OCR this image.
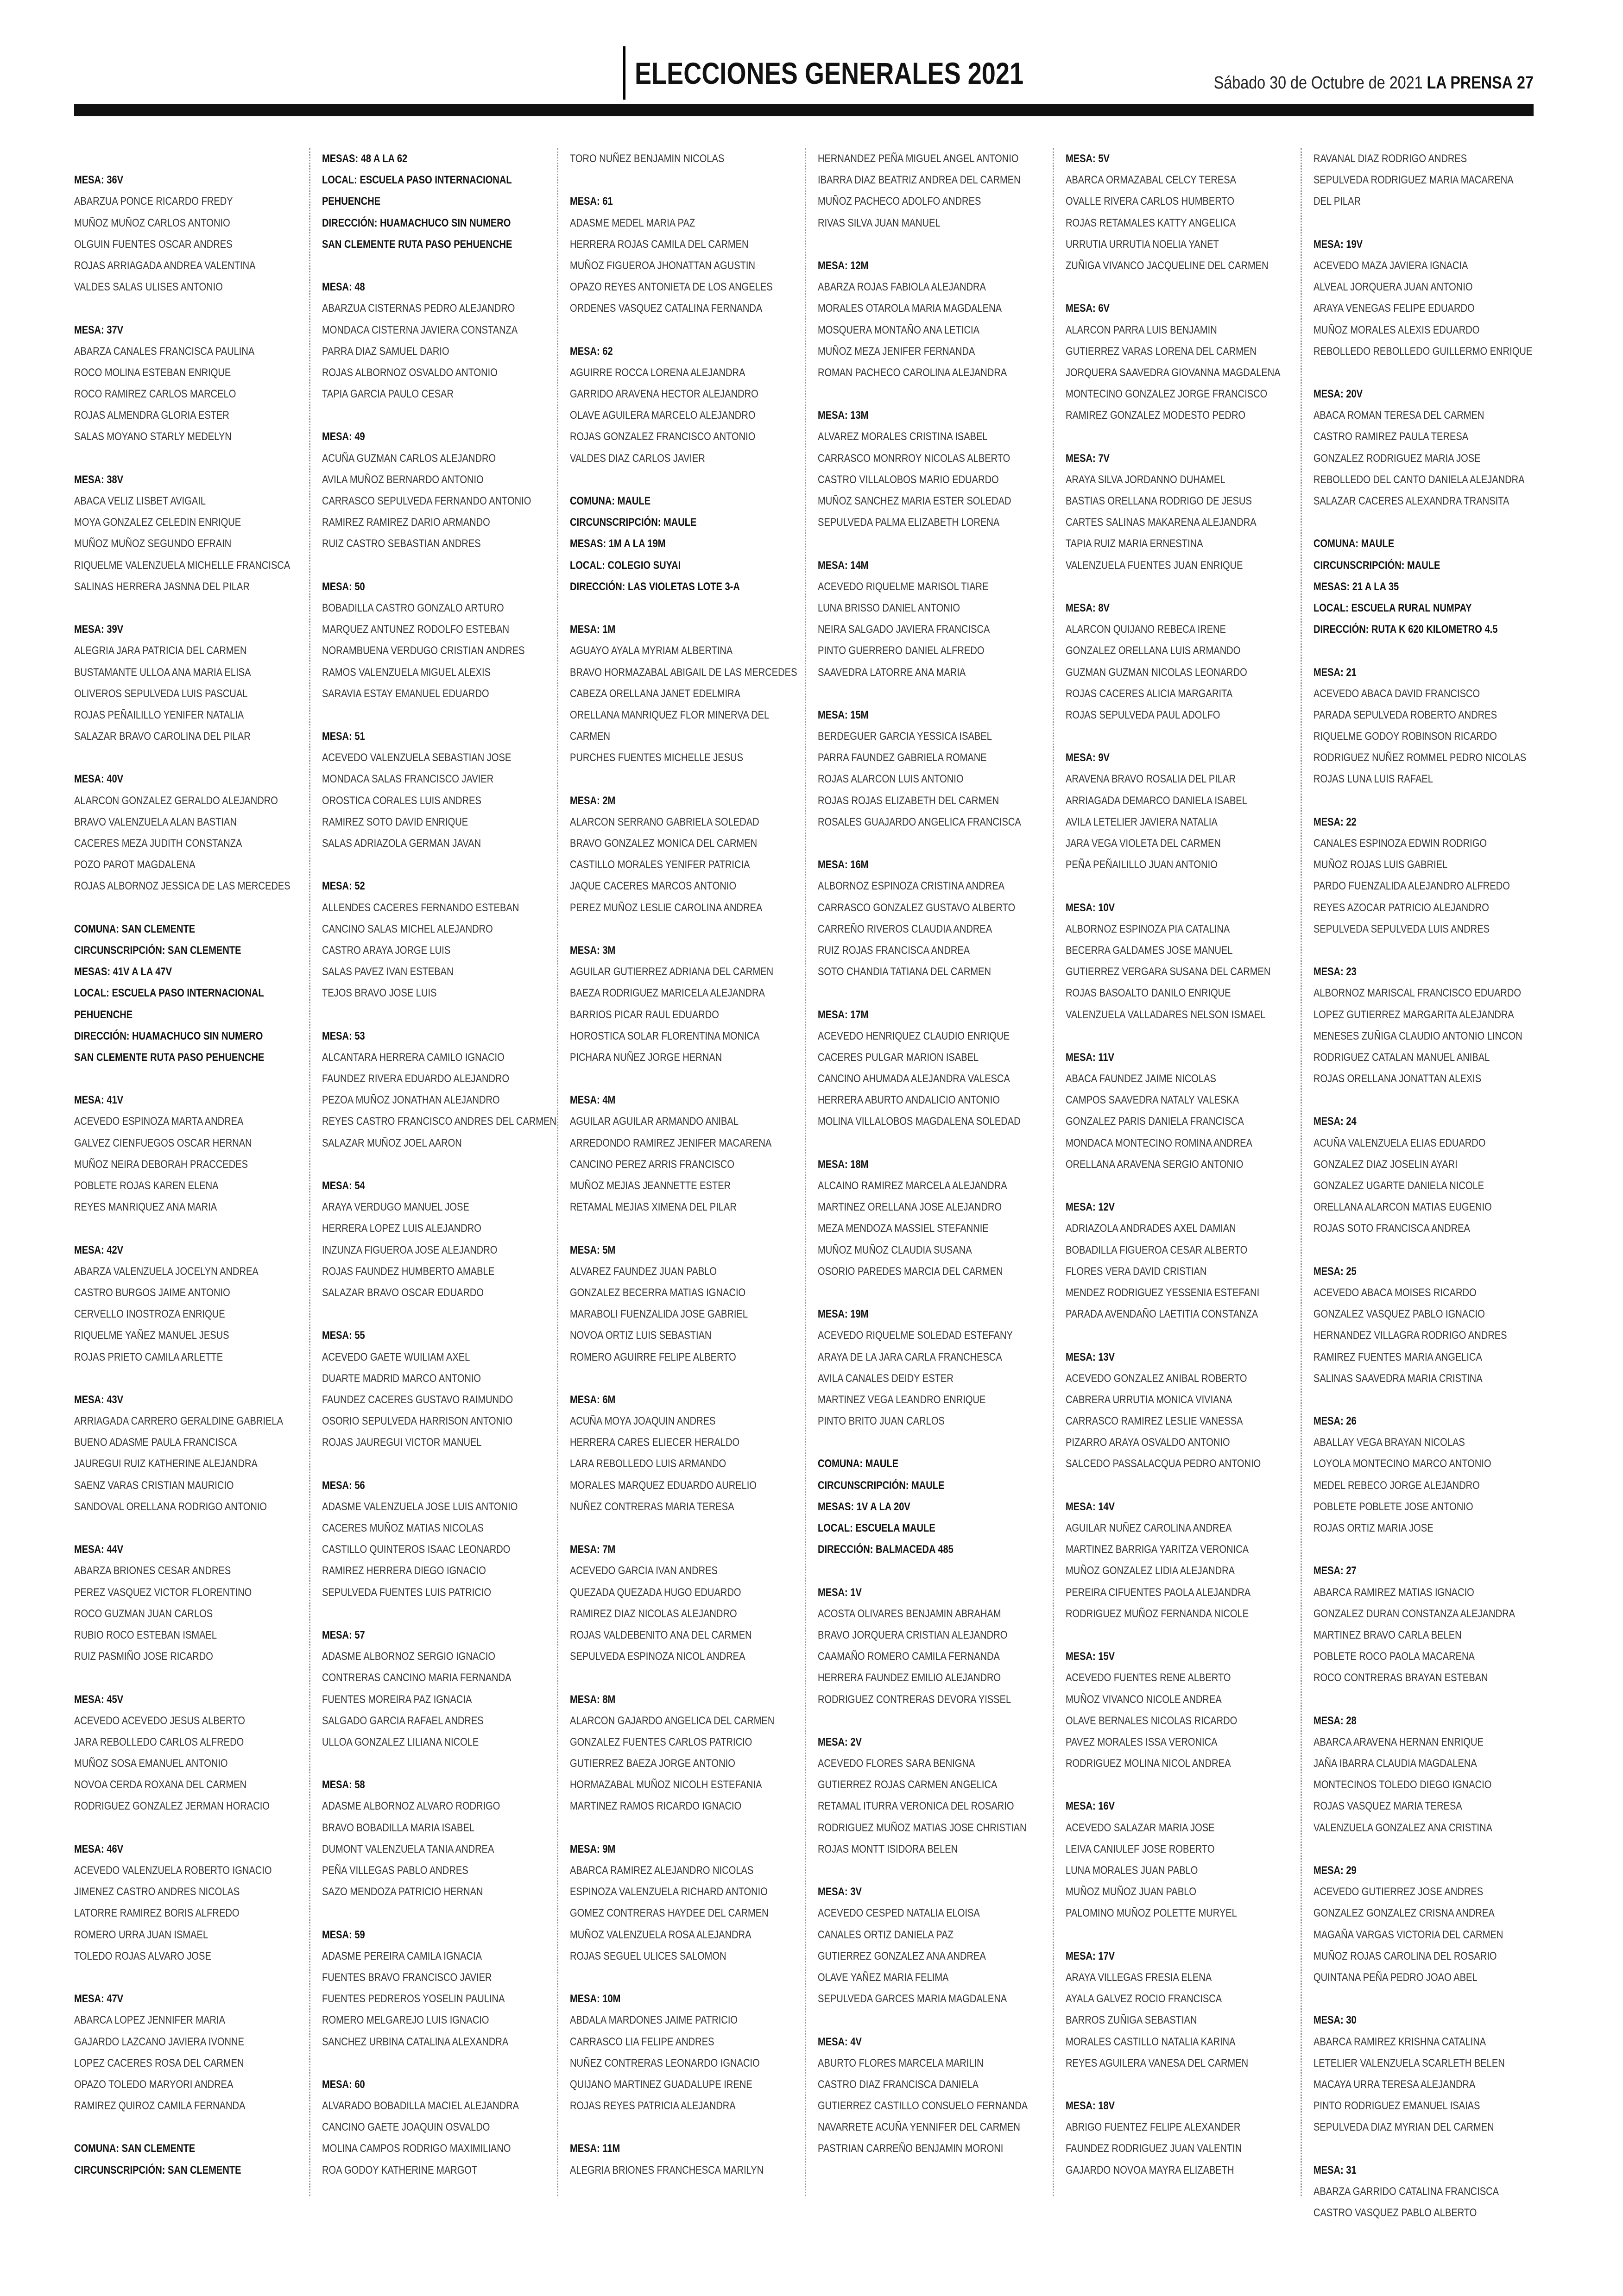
ELECCIONES GENERALES 2021	Sábado 30 de Octubre de 2021 LA PRENSA 27
MESA: 36V
ABARZUA PONCE RICARDO FREDY
MUÑOZ MUÑOZ CARLOS ANTONIO
OLGUIN FUENTES OSCAR ANDRES
ROJAS ARRIAGADA ANDREA VALENTINA
VALDES SALAS ULISES ANTONIO
MESA: 37V
ABARZA CANALES FRANCISCA PAULINA
ROCO MOLINA ESTEBAN ENRIQUE
ROCO RAMIREZ CARLOS MARCELO
ROJAS ALMENDRA GLORIA ESTER
SALAS MOYANO STARLY MEDELYN
MESA: 38V
ABACA VELIZ LISBET AVIGAIL
MOYA GONZALEZ CELEDIN ENRIQUE
MUÑOZ MUÑOZ SEGUNDO EFRAIN
RIQUELME VALENZUELA MICHELLE FRANCISCA
SALINAS HERRERA JASNNA DEL PILAR
MESA: 39V
ALEGRIA JARA PATRICIA DEL CARMEN
BUSTAMANTE ULLOA ANA MARIA ELISA
OLIVEROS SEPULVEDA LUIS PASCUAL
ROJAS PEÑAILILLO YENIFER NATALIA
SALAZAR BRAVO CAROLINA DEL PILAR
MESA: 40V
ALARCON GONZALEZ GERALDO ALEJANDRO
BRAVO VALENZUELA ALAN BASTIAN
CACERES MEZA JUDITH CONSTANZA
POZO PAROT MAGDALENA
ROJAS ALBORNOZ JESSICA DE LAS MERCEDES
COMUNA: SAN CLEMENTE
CIRCUNSCRIPCIÓN: SAN CLEMENTE
MESAS: 41V A LA 47V
LOCAL: ESCUELA PASO INTERNACIONAL
PEHUENCHE
DIRECCIÓN: HUAMACHUCO SIN NUMERO
SAN CLEMENTE RUTA PASO PEHUENCHE
MESA: 41V
ACEVEDO ESPINOZA MARTA ANDREA
GALVEZ CIENFUEGOS OSCAR HERNAN
MUÑOZ NEIRA DEBORAH PRACCEDES
POBLETE ROJAS KAREN ELENA
REYES MANRIQUEZ ANA MARIA
MESA: 42V
ABARZA VALENZUELA JOCELYN ANDREA
CASTRO BURGOS JAIME ANTONIO
CERVELLO INOSTROZA ENRIQUE
RIQUELME YAÑEZ MANUEL JESUS
ROJAS PRIETO CAMILA ARLETTE
MESA: 43V
ARRIAGADA CARRERO GERALDINE GABRIELA
BUENO ADASME PAULA FRANCISCA
JAUREGUI RUIZ KATHERINE ALEJANDRA
SAENZ VARAS CRISTIAN MAURICIO
SANDOVAL ORELLANA RODRIGO ANTONIO
MESA: 44V
ABARZA BRIONES CESAR ANDRES
PEREZ VASQUEZ VICTOR FLORENTINO
ROCO GUZMAN JUAN CARLOS
RUBIO ROCO ESTEBAN ISMAEL
RUIZ PASMIÑO JOSE RICARDO
MESA: 45V
ACEVEDO ACEVEDO JESUS ALBERTO
JARA REBOLLEDO CARLOS ALFREDO
MUÑOZ SOSA EMANUEL ANTONIO
NOVOA CERDA ROXANA DEL CARMEN
RODRIGUEZ GONZALEZ JERMAN HORACIO
MESA: 46V
ACEVEDO VALENZUELA ROBERTO IGNACIO
JIMENEZ CASTRO ANDRES NICOLAS
LATORRE RAMIREZ BORIS ALFREDO
ROMERO URRA JUAN ISMAEL
TOLEDO ROJAS ALVARO JOSE
MESA: 47V
ABARCA LOPEZ JENNIFER MARIA
GAJARDO LAZCANO JAVIERA IVONNE
LOPEZ CACERES ROSA DEL CARMEN
OPAZO TOLEDO MARYORI ANDREA
RAMIREZ QUIROZ CAMILA FERNANDA
COMUNA: SAN CLEMENTE
CIRCUNSCRIPCIÓN: SAN CLEMENTE
MESAS: 48 A LA 62
LOCAL: ESCUELA PASO INTERNACIONAL
PEHUENCHE
DIRECCIÓN: HUAMACHUCO SIN NUMERO
SAN CLEMENTE RUTA PASO PEHUENCHE
MESA: 48
ABARZUA CISTERNAS PEDRO ALEJANDRO
MONDACA CISTERNA JAVIERA CONSTANZA
PARRA DIAZ SAMUEL DARIO
ROJAS ALBORNOZ OSVALDO ANTONIO
TAPIA GARCIA PAULO CESAR
MESA: 49
ACUÑA GUZMAN CARLOS ALEJANDRO
AVILA MUÑOZ BERNARDO ANTONIO
CARRASCO SEPULVEDA FERNANDO ANTONIO
RAMIREZ RAMIREZ DARIO ARMANDO
RUIZ CASTRO SEBASTIAN ANDRES
MESA: 50
BOBADILLA CASTRO GONZALO ARTURO
MARQUEZ ANTUNEZ RODOLFO ESTEBAN
NORAMBUENA VERDUGO CRISTIAN ANDRES
RAMOS VALENZUELA MIGUEL ALEXIS
SARAVIA ESTAY EMANUEL EDUARDO
MESA: 51
ACEVEDO VALENZUELA SEBASTIAN JOSE
MONDACA SALAS FRANCISCO JAVIER
OROSTICA CORALES LUIS ANDRES
RAMIREZ SOTO DAVID ENRIQUE
SALAS ADRIAZOLA GERMAN JAVAN
MESA: 52
ALLENDES CACERES FERNANDO ESTEBAN
CANCINO SALAS MICHEL ALEJANDRO
CASTRO ARAYA JORGE LUIS
SALAS PAVEZ IVAN ESTEBAN
TEJOS BRAVO JOSE LUIS
MESA: 53
ALCANTARA HERRERA CAMILO IGNACIO
FAUNDEZ RIVERA EDUARDO ALEJANDRO
PEZOA MUÑOZ JONATHAN ALEJANDRO
REYES CASTRO FRANCISCO ANDRES DEL CARMEN
SALAZAR MUÑOZ JOEL AARON
MESA: 54
ARAYA VERDUGO MANUEL JOSE
HERRERA LOPEZ LUIS ALEJANDRO
INZUNZA FIGUEROA JOSE ALEJANDRO
ROJAS FAUNDEZ HUMBERTO AMABLE
SALAZAR BRAVO OSCAR EDUARDO
MESA: 55
ACEVEDO GAETE WUILIAM AXEL
DUARTE MADRID MARCO ANTONIO
FAUNDEZ CACERES GUSTAVO RAIMUNDO
OSORIO SEPULVEDA HARRISON ANTONIO
ROJAS JAUREGUI VICTOR MANUEL
MESA: 56
ADASME VALENZUELA JOSE LUIS ANTONIO
CACERES MUÑOZ MATIAS NICOLAS
CASTILLO QUINTEROS ISAAC LEONARDO
RAMIREZ HERRERA DIEGO IGNACIO
SEPULVEDA FUENTES LUIS PATRICIO
MESA: 57
ADASME ALBORNOZ SERGIO IGNACIO
CONTRERAS CANCINO MARIA FERNANDA
FUENTES MOREIRA PAZ IGNACIA
SALGADO GARCIA RAFAEL ANDRES
ULLOA GONZALEZ LILIANA NICOLE
MESA: 58
ADASME ALBORNOZ ALVARO RODRIGO
BRAVO BOBADILLA MARIA ISABEL
DUMONT VALENZUELA TANIA ANDREA
PEÑA VILLEGAS PABLO ANDRES
SAZO MENDOZA PATRICIO HERNAN
MESA: 59
ADASME PEREIRA CAMILA IGNACIA
FUENTES BRAVO FRANCISCO JAVIER
FUENTES PEDREROS YOSELIN PAULINA
ROMERO MELGAREJO LUIS IGNACIO
SANCHEZ URBINA CATALINA ALEXANDRA
MESA: 60
ALVARADO BOBADILLA MACIEL ALEJANDRA
CANCINO GAETE JOAQUIN OSVALDO
MOLINA CAMPOS RODRIGO MAXIMILIANO
ROA GODOY KATHERINE MARGOT
TORO NUÑEZ BENJAMIN NICOLAS
MESA: 61
ADASME MEDEL MARIA PAZ
HERRERA ROJAS CAMILA DEL CARMEN
MUÑOZ FIGUEROA JHONATTAN AGUSTIN
OPAZO REYES ANTONIETA DE LOS ANGELES
ORDENES VASQUEZ CATALINA FERNANDA
MESA: 62
AGUIRRE ROCCA LORENA ALEJANDRA
GARRIDO ARAVENA HECTOR ALEJANDRO
OLAVE AGUILERA MARCELO ALEJANDRO
ROJAS GONZALEZ FRANCISCO ANTONIO
VALDES DIAZ CARLOS JAVIER
COMUNA: MAULE
CIRCUNSCRIPCIÓN: MAULE
MESAS: 1M A LA 19M
LOCAL: COLEGIO SUYAI
DIRECCIÓN: LAS VIOLETAS LOTE 3-A
MESA: 1M
AGUAYO AYALA MYRIAM ALBERTINA
BRAVO HORMAZABAL ABIGAIL DE LAS MERCEDES
CABEZA ORELLANA JANET EDELMIRA
ORELLANA MANRIQUEZ FLOR MINERVA DEL
CARMEN
PURCHES FUENTES MICHELLE JESUS
MESA: 2M
ALARCON SERRANO GABRIELA SOLEDAD
BRAVO GONZALEZ MONICA DEL CARMEN
CASTILLO MORALES YENIFER PATRICIA
JAQUE CACERES MARCOS ANTONIO
PEREZ MUÑOZ LESLIE CAROLINA ANDREA
MESA: 3M
AGUILAR GUTIERREZ ADRIANA DEL CARMEN
BAEZA RODRIGUEZ MARICELA ALEJANDRA
BARRIOS PICAR RAUL EDUARDO
HOROSTICA SOLAR FLORENTINA MONICA
PICHARA NUÑEZ JORGE HERNAN
MESA: 4M
AGUILAR AGUILAR ARMANDO ANIBAL
ARREDONDO RAMIREZ JENIFER MACARENA
CANCINO PEREZ ARRIS FRANCISCO
MUÑOZ MEJIAS JEANNETTE ESTER
RETAMAL MEJIAS XIMENA DEL PILAR
MESA: 5M
ALVAREZ FAUNDEZ JUAN PABLO
GONZALEZ BECERRA MATIAS IGNACIO
MARABOLI FUENZALIDA JOSE GABRIEL
NOVOA ORTIZ LUIS SEBASTIAN
ROMERO AGUIRRE FELIPE ALBERTO
MESA: 6M
ACUÑA MOYA JOAQUIN ANDRES
HERRERA CARES ELIECER HERALDO
LARA REBOLLEDO LUIS ARMANDO
MORALES MARQUEZ EDUARDO AURELIO
NUÑEZ CONTRERAS MARIA TERESA
MESA: 7M
ACEVEDO GARCIA IVAN ANDRES
QUEZADA QUEZADA HUGO EDUARDO
RAMIREZ DIAZ NICOLAS ALEJANDRO
ROJAS VALDEBENITO ANA DEL CARMEN
SEPULVEDA ESPINOZA NICOL ANDREA
MESA: 8M
ALARCON GAJARDO ANGELICA DEL CARMEN
GONZALEZ FUENTES CARLOS PATRICIO
GUTIERREZ BAEZA JORGE ANTONIO
HORMAZABAL MUÑOZ NICOLH ESTEFANIA
MARTINEZ RAMOS RICARDO IGNACIO
MESA: 9M
ABARCA RAMIREZ ALEJANDRO NICOLAS
ESPINOZA VALENZUELA RICHARD ANTONIO
GOMEZ CONTRERAS HAYDEE DEL CARMEN
MUÑOZ VALENZUELA ROSA ALEJANDRA
ROJAS SEGUEL ULICES SALOMON
MESA: 10M
ABDALA MARDONES JAIME PATRICIO
CARRASCO LIA FELIPE ANDRES
NUÑEZ CONTRERAS LEONARDO IGNACIO
QUIJANO MARTINEZ GUADALUPE IRENE
ROJAS REYES PATRICIA ALEJANDRA
MESA: 11M
ALEGRIA BRIONES FRANCHESCA MARILYN
HERNANDEZ PEÑA MIGUEL ANGEL ANTONIO
IBARRA DIAZ BEATRIZ ANDREA DEL CARMEN
MUÑOZ PACHECO ADOLFO ANDRES
RIVAS SILVA JUAN MANUEL
MESA: 12M
ABARZA ROJAS FABIOLA ALEJANDRA
MORALES OTAROLA MARIA MAGDALENA
MOSQUERA MONTAÑO ANA LETICIA
MUÑOZ MEZA JENIFER FERNANDA
ROMAN PACHECO CAROLINA ALEJANDRA
MESA: 13M
ALVAREZ MORALES CRISTINA ISABEL
CARRASCO MONRROY NICOLAS ALBERTO
CASTRO VILLALOBOS MARIO EDUARDO
MUÑOZ SANCHEZ MARIA ESTER SOLEDAD
SEPULVEDA PALMA ELIZABETH LORENA
MESA: 14M
ACEVEDO RIQUELME MARISOL TIARE
LUNA BRISSO DANIEL ANTONIO
NEIRA SALGADO JAVIERA FRANCISCA
PINTO GUERRERO DANIEL ALFREDO
SAAVEDRA LATORRE ANA MARIA
MESA: 15M
BERDEGUER GARCIA YESSICA ISABEL
PARRA FAUNDEZ GABRIELA ROMANE
ROJAS ALARCON LUIS ANTONIO
ROJAS ROJAS ELIZABETH DEL CARMEN
ROSALES GUAJARDO ANGELICA FRANCISCA
MESA: 16M
ALBORNOZ ESPINOZA CRISTINA ANDREA
CARRASCO GONZALEZ GUSTAVO ALBERTO
CARREÑO RIVEROS CLAUDIA ANDREA
RUIZ ROJAS FRANCISCA ANDREA
SOTO CHANDIA TATIANA DEL CARMEN
MESA: 17M
ACEVEDO HENRIQUEZ CLAUDIO ENRIQUE
CACERES PULGAR MARION ISABEL
CANCINO AHUMADA ALEJANDRA VALESCA
HERRERA ABURTO ANDALICIO ANTONIO
MOLINA VILLALOBOS MAGDALENA SOLEDAD
MESA: 18M
ALCAINO RAMIREZ MARCELA ALEJANDRA
MARTINEZ ORELLANA JOSE ALEJANDRO
MEZA MENDOZA MASSIEL STEFANNIE
MUÑOZ MUÑOZ CLAUDIA SUSANA
OSORIO PAREDES MARCIA DEL CARMEN
MESA: 19M
ACEVEDO RIQUELME SOLEDAD ESTEFANY
ARAYA DE LA JARA CARLA FRANCHESCA
AVILA CANALES DEIDY ESTER
MARTINEZ VEGA LEANDRO ENRIQUE
PINTO BRITO JUAN CARLOS
COMUNA: MAULE
CIRCUNSCRIPCIÓN: MAULE
MESAS: 1V A LA 20V
LOCAL: ESCUELA MAULE
DIRECCIÓN: BALMACEDA 485
MESA: 1V
ACOSTA OLIVARES BENJAMIN ABRAHAM
BRAVO JORQUERA CRISTIAN ALEJANDRO
CAAMAÑO ROMERO CAMILA FERNANDA
HERRERA FAUNDEZ EMILIO ALEJANDRO
RODRIGUEZ CONTRERAS DEVORA YISSEL
MESA: 2V
ACEVEDO FLORES SARA BENIGNA
GUTIERREZ ROJAS CARMEN ANGELICA
RETAMAL ITURRA VERONICA DEL ROSARIO
RODRIGUEZ MUÑOZ MATIAS JOSE CHRISTIAN
ROJAS MONTT ISIDORA BELEN
MESA: 3V
ACEVEDO CESPED NATALIA ELOISA
CANALES ORTIZ DANIELA PAZ
GUTIERREZ GONZALEZ ANA ANDREA
OLAVE YAÑEZ MARIA FELIMA
SEPULVEDA GARCES MARIA MAGDALENA
MESA: 4V
ABURTO FLORES MARCELA MARILIN
CASTRO DIAZ FRANCISCA DANIELA
GUTIERREZ CASTILLO CONSUELO FERNANDA
NAVARRETE ACUÑA YENNIFER DEL CARMEN
PASTRIAN CARREÑO BENJAMIN MORONI
MESA: 5V
ABARCA ORMAZABAL CELCY TERESA
OVALLE RIVERA CARLOS HUMBERTO
ROJAS RETAMALES KATTY ANGELICA
URRUTIA URRUTIA NOELIA YANET
ZUÑIGA VIVANCO JACQUELINE DEL CARMEN
MESA: 6V
ALARCON PARRA LUIS BENJAMIN
GUTIERREZ VARAS LORENA DEL CARMEN
JORQUERA SAAVEDRA GIOVANNA MAGDALENA
MONTECINO GONZALEZ JORGE FRANCISCO
RAMIREZ GONZALEZ MODESTO PEDRO
MESA: 7V
ARAYA SILVA JORDANNO DUHAMEL
BASTIAS ORELLANA RODRIGO DE JESUS
CARTES SALINAS MAKARENA ALEJANDRA
TAPIA RUIZ MARIA ERNESTINA
VALENZUELA FUENTES JUAN ENRIQUE
MESA: 8V
ALARCON QUIJANO REBECA IRENE
GONZALEZ ORELLANA LUIS ARMANDO
GUZMAN GUZMAN NICOLAS LEONARDO
ROJAS CACERES ALICIA MARGARITA
ROJAS SEPULVEDA PAUL ADOLFO
MESA: 9V
ARAVENA BRAVO ROSALIA DEL PILAR
ARRIAGADA DEMARCO DANIELA ISABEL
AVILA LETELIER JAVIERA NATALIA
JARA VEGA VIOLETA DEL CARMEN
PEÑA PEÑAILILLO JUAN ANTONIO
MESA: 10V
ALBORNOZ ESPINOZA PIA CATALINA
BECERRA GALDAMES JOSE MANUEL
GUTIERREZ VERGARA SUSANA DEL CARMEN
ROJAS BASOALTO DANILO ENRIQUE
VALENZUELA VALLADARES NELSON ISMAEL
MESA: 11V
ABACA FAUNDEZ JAIME NICOLAS
CAMPOS SAAVEDRA NATALY VALESKA
GONZALEZ PARIS DANIELA FRANCISCA
MONDACA MONTECINO ROMINA ANDREA
ORELLANA ARAVENA SERGIO ANTONIO
MESA: 12V
ADRIAZOLA ANDRADES AXEL DAMIAN
BOBADILLA FIGUEROA CESAR ALBERTO
FLORES VERA DAVID CRISTIAN
MENDEZ RODRIGUEZ YESSENIA ESTEFANI
PARADA AVENDAÑO LAETITIA CONSTANZA
MESA: 13V
ACEVEDO GONZALEZ ANIBAL ROBERTO
CABRERA URRUTIA MONICA VIVIANA
CARRASCO RAMIREZ LESLIE VANESSA
PIZARRO ARAYA OSVALDO ANTONIO
SALCEDO PASSALACQUA PEDRO ANTONIO
MESA: 14V
AGUILAR NUÑEZ CAROLINA ANDREA
MARTINEZ BARRIGA YARITZA VERONICA
MUÑOZ GONZALEZ LIDIA ALEJANDRA
PEREIRA CIFUENTES PAOLA ALEJANDRA
RODRIGUEZ MUÑOZ FERNANDA NICOLE
MESA: 15V
ACEVEDO FUENTES RENE ALBERTO
MUÑOZ VIVANCO NICOLE ANDREA
OLAVE BERNALES NICOLAS RICARDO
PAVEZ MORALES ISSA VERONICA
RODRIGUEZ MOLINA NICOL ANDREA
MESA: 16V
ACEVEDO SALAZAR MARIA JOSE
LEIVA CANIULEF JOSE ROBERTO
LUNA MORALES JUAN PABLO
MUÑOZ MUÑOZ JUAN PABLO
PALOMINO MUÑOZ POLETTE MURYEL
MESA: 17V
ARAYA VILLEGAS FRESIA ELENA
AYALA GALVEZ ROCIO FRANCISCA
BARROS ZUÑIGA SEBASTIAN
MORALES CASTILLO NATALIA KARINA
REYES AGUILERA VANESA DEL CARMEN
MESA: 18V
ABRIGO FUENTEZ FELIPE ALEXANDER
FAUNDEZ RODRIGUEZ JUAN VALENTIN
GAJARDO NOVOA MAYRA ELIZABETH
RAVANAL DIAZ RODRIGO ANDRES
SEPULVEDA RODRIGUEZ MARIA MACARENA
DEL PILAR
MESA: 19V
ACEVEDO MAZA JAVIERA IGNACIA
ALVEAL JORQUERA JUAN ANTONIO
ARAYA VENEGAS FELIPE EDUARDO
MUÑOZ MORALES ALEXIS EDUARDO
REBOLLEDO REBOLLEDO GUILLERMO ENRIQUE
MESA: 20V
ABACA ROMAN TERESA DEL CARMEN
CASTRO RAMIREZ PAULA TERESA
GONZALEZ RODRIGUEZ MARIA JOSE
REBOLLEDO DEL CANTO DANIELA ALEJANDRA
SALAZAR CACERES ALEXANDRA TRANSITA
COMUNA: MAULE
CIRCUNSCRIPCIÓN: MAULE
MESAS: 21 A LA 35
LOCAL: ESCUELA RURAL NUMPAY
DIRECCIÓN: RUTA K 620 KILOMETRO 4.5
MESA: 21
ACEVEDO ABACA DAVID FRANCISCO
PARADA SEPULVEDA ROBERTO ANDRES
RIQUELME GODOY ROBINSON RICARDO
RODRIGUEZ NUÑEZ ROMMEL PEDRO NICOLAS
ROJAS LUNA LUIS RAFAEL
MESA: 22
CANALES ESPINOZA EDWIN RODRIGO
MUÑOZ ROJAS LUIS GABRIEL
PARDO FUENZALIDA ALEJANDRO ALFREDO
REYES AZOCAR PATRICIO ALEJANDRO
SEPULVEDA SEPULVEDA LUIS ANDRES
MESA: 23
ALBORNOZ MARISCAL FRANCISCO EDUARDO
LOPEZ GUTIERREZ MARGARITA ALEJANDRA
MENESES ZUÑIGA CLAUDIO ANTONIO LINCON
RODRIGUEZ CATALAN MANUEL ANIBAL
ROJAS ORELLANA JONATTAN ALEXIS
MESA: 24
ACUÑA VALENZUELA ELIAS EDUARDO
GONZALEZ DIAZ JOSELIN AYARI
GONZALEZ UGARTE DANIELA NICOLE
ORELLANA ALARCON MATIAS EUGENIO
ROJAS SOTO FRANCISCA ANDREA
MESA: 25
ACEVEDO ABACA MOISES RICARDO
GONZALEZ VASQUEZ PABLO IGNACIO
HERNANDEZ VILLAGRA RODRIGO ANDRES
RAMIREZ FUENTES MARIA ANGELICA
SALINAS SAAVEDRA MARIA CRISTINA
MESA: 26
ABALLAY VEGA BRAYAN NICOLAS
LOYOLA MONTECINO MARCO ANTONIO
MEDEL REBECO JORGE ALEJANDRO
POBLETE POBLETE JOSE ANTONIO
ROJAS ORTIZ MARIA JOSE
MESA: 27
ABARCA RAMIREZ MATIAS IGNACIO
GONZALEZ DURAN CONSTANZA ALEJANDRA
MARTINEZ BRAVO CARLA BELEN
POBLETE ROCO PAOLA MACARENA
ROCO CONTRERAS BRAYAN ESTEBAN
MESA: 28
ABARCA ARAVENA HERNAN ENRIQUE
JAÑA IBARRA CLAUDIA MAGDALENA
MONTECINOS TOLEDO DIEGO IGNACIO
ROJAS VASQUEZ MARIA TERESA
VALENZUELA GONZALEZ ANA CRISTINA
MESA: 29
ACEVEDO GUTIERREZ JOSE ANDRES
GONZALEZ GONZALEZ CRISNA ANDREA
MAGAÑA VARGAS VICTORIA DEL CARMEN
MUÑOZ ROJAS CAROLINA DEL ROSARIO
QUINTANA PEÑA PEDRO JOAO ABEL
MESA: 30
ABARCA RAMIREZ KRISHNA CATALINA
LETELIER VALENZUELA SCARLETH BELEN
MACAYA URRA TERESA ALEJANDRA
PINTO RODRIGUEZ EMANUEL ISAIAS
SEPULVEDA DIAZ MYRIAN DEL CARMEN
MESA: 31
ABARZA GARRIDO CATALINA FRANCISCA
CASTRO VASQUEZ PABLO ALBERTO
